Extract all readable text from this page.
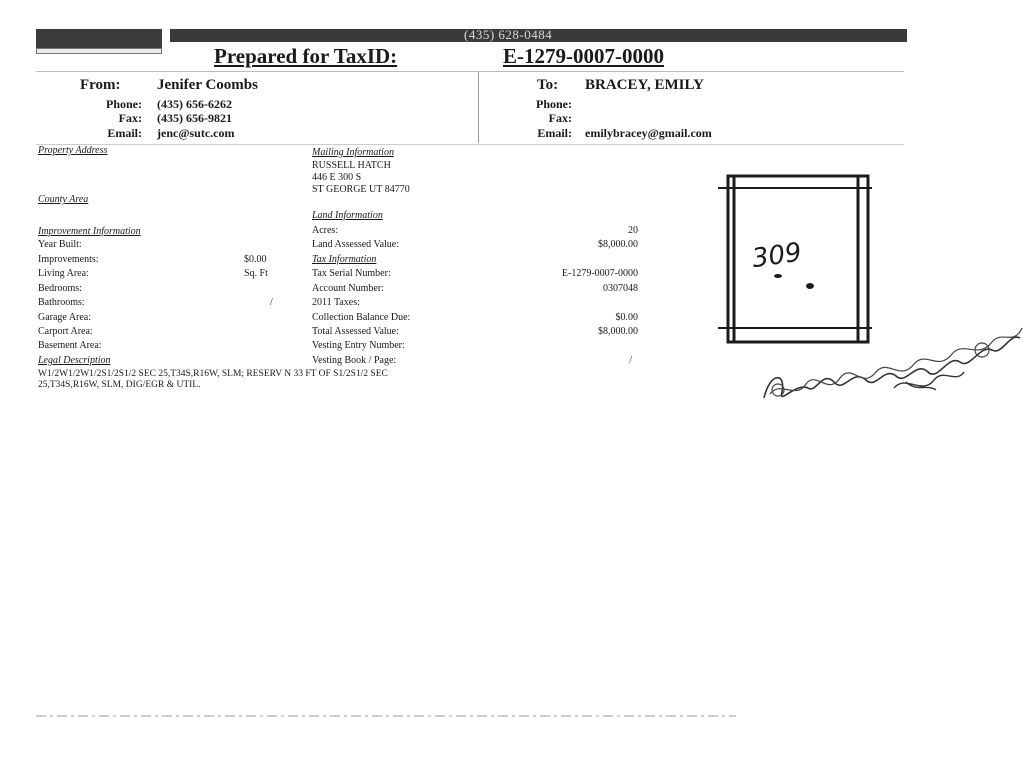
(435) 628-0484
Prepared for TaxID:	E-1279-0007-0000
From: Jenifer Coombs
Phone: (435) 656-6262
Fax: (435) 656-9821
Email: jenc@sutc.com
To: BRACEY, EMILY
Phone:
Fax:
Email: emilybracey@gmail.com
Property Address
County Area
Improvement Information
Year Built:
Improvements:	$0.00
Living Area:	Sq. Ft
Bedrooms:
Bathrooms:	/
Garage Area:
Carport Area:
Basement Area:
Legal Description
W1/2W1/2W1/2S1/2S1/2 SEC 25,T34S,R16W, SLM; RESERV N 33 FT OF S1/2S1/2 SEC
25,T34S,R16W, SLM, DIG/EGR & UTIL.
Mailing Information
RUSSELL HATCH
446 E 300 S
ST GEORGE UT 84770
Land Information
Acres:	20
Land Assessed Value:	$8,000.00
Tax Information
Tax Serial Number:	E-1279-0007-0000
Account Number:	0307048
2011 Taxes:
Collection Balance Due:	$0.00
Total Assessed Value:	$8,000.00
Vesting Entry Number:
Vesting Book / Page:	/
309
